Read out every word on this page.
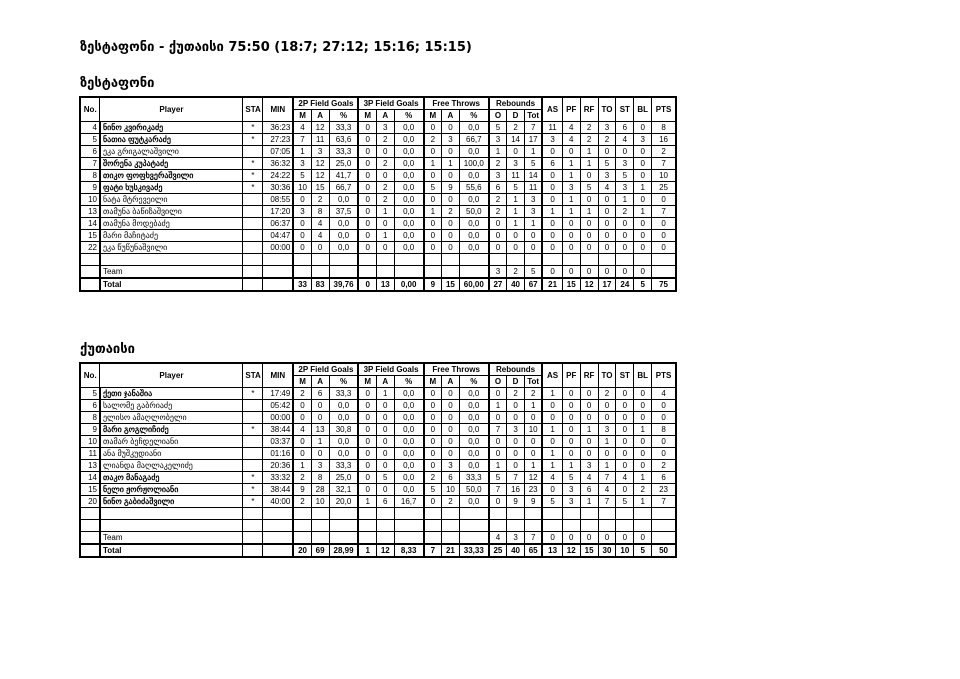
ზესტაფონი - ქუთაისი 75:50 (18:7; 27:12; 15:16; 15:15)
ზესტაფონი
No.	Player	STA	MIN	2P Field Goals			3P Field Goals			Free Throws			Rebounds			AS	PF	RF	TO	ST	BL	PTS
				M	A	%	M	A	%	M	A	%	O	D	Tot							
4	ნინო კვირიკაძე	*	36:23	4	12	33,3	0	3	0,0	0	0	0,0	5	2	7	11	4	2	3	6	0	8
5	ნათია ფუტკარაძე	*	27:23	7	11	63,6	0	2	0,0	2	3	66,7	3	14	17	3	4	2	2	4	3	16
6	ეკა გრიგალაშვილი		07:05	1	3	33,3	0	0	0,0	0	0	0,0	1	0	1	0	0	1	0	0	0	2
7	შორენა კუპატაძე	*	36:32	3	12	25,0	0	2	0,0	1	1	100,0	2	3	5	6	1	1	5	3	0	7
8	თიკო ფოფხვერაშვილი	*	24:22	5	12	41,7	0	0	0,0	0	0	0,0	3	11	14	0	1	0	3	5	0	10
9	ფატი ხუსკივაძე	*	30:36	10	15	66,7	0	2	0,0	5	9	55,6	6	5	11	0	3	5	4	3	1	25
10	ნატა მტრევეილი		08:55	0	2	0,0	0	2	0,0	0	0	0,0	2	1	3	0	1	0	0	1	0	0
13	თამუნა ბაწიზაშვილი		17:20	3	8	37,5	0	1	0,0	1	2	50,0	2	1	3	1	1	1	0	2	1	7
14	თამუნა მოდებაძე		06:37	0	4	0,0	0	0	0,0	0	0	0,0	0	1	1	0	0	0	0	0	0	0
15	მარი მაჩიტაძე		04:47	0	4	0,0	0	1	0,0	0	0	0,0	0	0	0	0	0	0	0	0	0	0
22	ეკა წუწუნაშვილი		00:00	0	0	0,0	0	0	0,0	0	0	0,0	0	0	0	0	0	0	0	0	0	0

	Team												3	2	5	0	0	0	0	0	0	
	Total			33	83	39,76	0	13	0,00	9	15	60,00	27	40	67	21	15	12	17	24	5	75
ქუთაისი
No.	Player	STA	MIN	2P Field Goals			3P Field Goals			Free Throws			Rebounds			AS	PF	RF	TO	ST	BL	PTS
				M	A	%	M	A	%	M	A	%	O	D	Tot							
5	ქეთი ჯანაშია	*	17:49	2	6	33,3	0	1	0,0	0	0	0,0	0	2	2	1	0	0	2	0	0	4
6	სალომე გაბრიაძე		05:42	0	0	0,0	0	0	0,0	0	0	0,0	1	0	1	0	0	0	0	0	0	0
8	ელისო ამაღლობელი		00:00	0	0	0,0	0	0	0,0	0	0	0,0	0	0	0	0	0	0	0	0	0	0
9	მარი გოგლიჩიძე	*	38:44	4	13	30,8	0	0	0,0	0	0	0,0	7	3	10	1	0	1	3	0	1	8
10	თამარ ბეჩდელიანი		03:37	0	1	0,0	0	0	0,0	0	0	0,0	0	0	0	0	0	0	1	0	0	0
11	ანა მუშკუდიანი		01:16	0	0	0,0	0	0	0,0	0	0	0,0	0	0	0	1	0	0	0	0	0	0
13	ლიანდა მაღლაკელიძე		20:36	1	3	33,3	0	0	0,0	0	3	0,0	1	0	1	1	1	3	1	0	0	2
14	თაკო მანაგაძე	*	33:32	2	8	25,0	0	5	0,0	2	6	33,3	5	7	12	4	5	4	7	4	1	6
15	ნელი ჟორჟოლიანი	*	38:44	9	28	32,1	0	0	0,0	5	10	50,0	7	16	23	0	3	6	4	0	2	23
20	ნინო გაბიძაშვილი	*	40:00	2	10	20,0	1	6	16,7	0	2	0,0	0	9	9	5	3	1	7	5	1	7

	Team												4	3	7	0	0	0	0	0	0	
	Total			20	69	28,99	1	12	8,33	7	21	33,33	25	40	65	13	12	15	30	10	5	50
